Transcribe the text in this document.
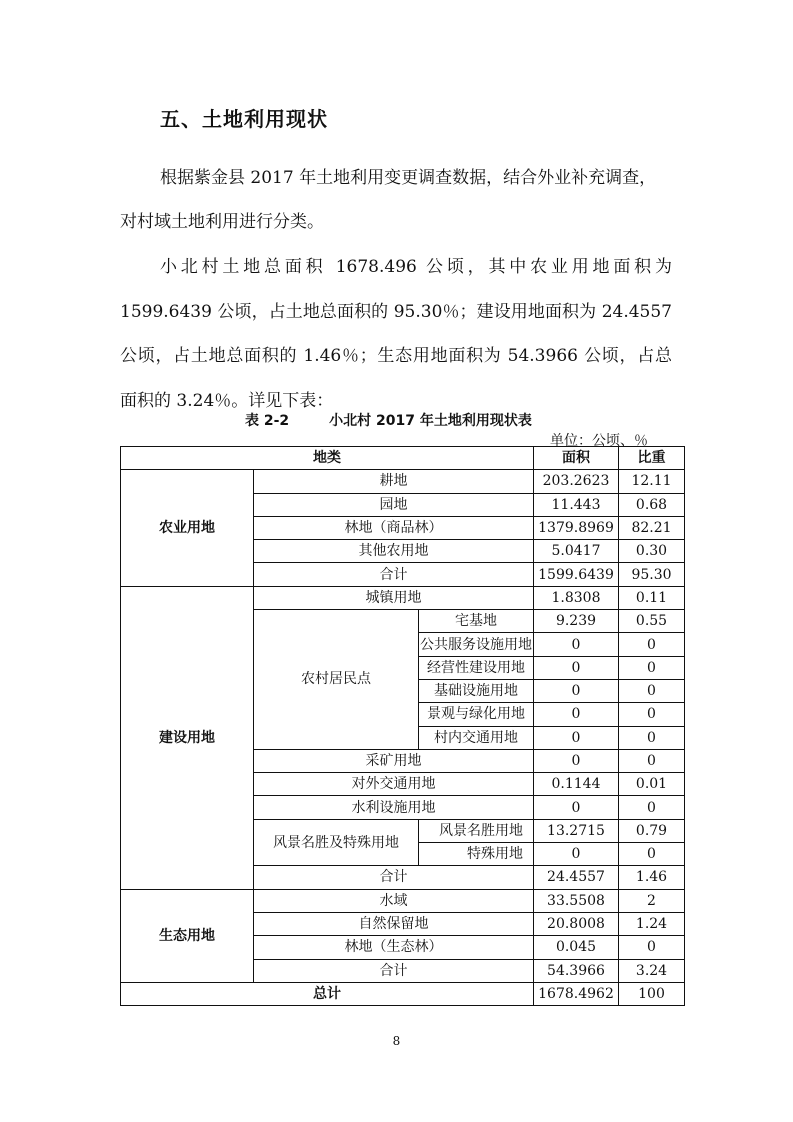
五、土地利用现状
根据紫金县 2017 年土地利用变更调查数据，结合外业补充调查，
对村域土地利用进行分类。
小北村土地总面积 1678.496 公顷，其中农业用地面积为
1599.6439 公顷，占土地总面积的 95.30％；建设用地面积为 24.4557
公顷，占土地总面积的 1.46％；生态用地面积为 54.3966 公顷，占总
面积的 3.24％。详见下表：
表 2-2	小北村 2017 年土地利用现状表
单位：公顷、％
地类			面积	比重
农业用地	耕地		203.2623	12.11
	园地		11.443	0.68
	林地（商品林）		1379.8969	82.21
	其他农用地		5.0417	0.30
	合计		1599.6439	95.30
建设用地	城镇用地		1.8308	0.11
	农村居民点	宅基地	9.239	0.55
		公共服务设施用地	0	0
		经营性建设用地	0	0
		基础设施用地	0	0
		景观与绿化用地	0	0
		村内交通用地	0	0
	采矿用地		0	0
	对外交通用地		0.1144	0.01
	水利设施用地		0	0
	风景名胜及特殊用地	风景名胜用地	13.2715	0.79
		特殊用地	0	0
	合计		24.4557	1.46
生态用地	水域		33.5508	2
	自然保留地		20.8008	1.24
	林地（生态林）		0.045	0
	合计		54.3966	3.24
总计			1678.4962	100
8
